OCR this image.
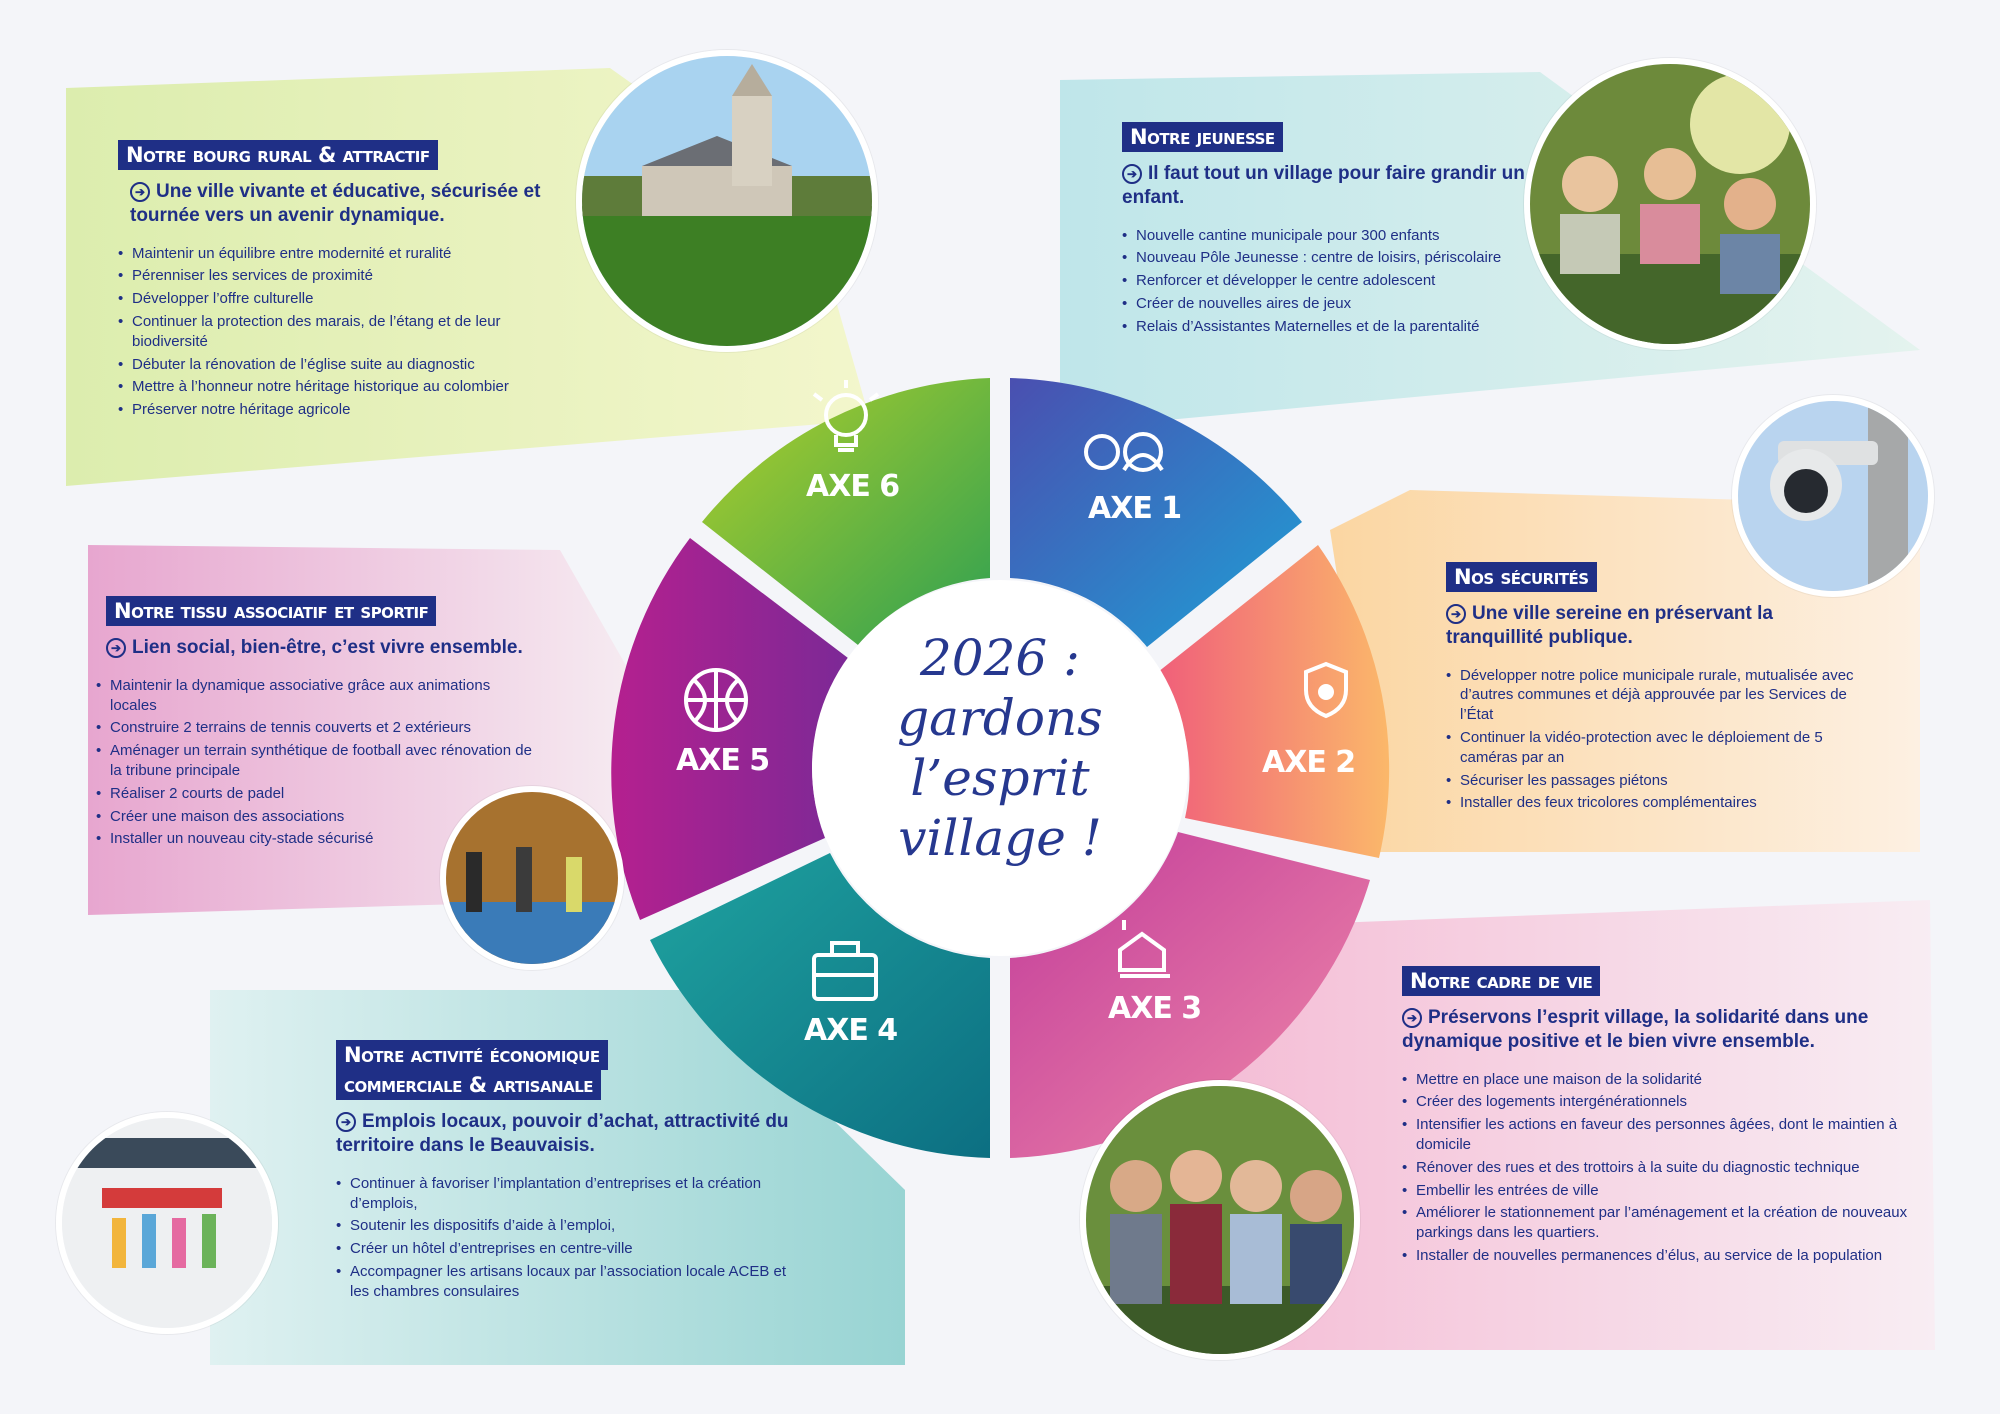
AXE 1
AXE 2
AXE 3
AXE 4
AXE 5
AXE 6
2026 :
gardons l’esprit
village !
Notre bourg rural & attractif
➔ Une ville vivante et éducative, sécurisée et tournée vers un avenir dynamique.
• Maintenir un équilibre entre modernité et ruralité
• Pérenniser les services de proximité
• Développer l’offre culturelle
• Continuer la protection des marais, de l’étang et de leur biodiversité
• Débuter la rénovation de l’église suite au diagnostic
• Mettre à l’honneur notre héritage historique au colombier
• Préserver notre héritage agricole
Notre jeunesse
➔ Il faut tout un village pour faire grandir un enfant.
• Nouvelle cantine municipale pour 300 enfants
• Nouveau Pôle Jeunesse : centre de loisirs, périscolaire
• Renforcer et développer le centre adolescent
• Créer de nouvelles aires de jeux
• Relais d’Assistantes Maternelles et de la parentalité
Nos sécurités
➔ Une ville sereine en préservant la tranquillité publique.
• Développer notre police municipale rurale, mutualisée avec d’autres communes et déjà approuvée par les Services de l’État
• Continuer la vidéo-protection avec le déploiement de 5 caméras par an
• Sécuriser les passages piétons
• Installer des feux tricolores complémentaires
Notre tissu associatif et sportif
➔ Lien social, bien-être, c’est vivre ensemble.
• Maintenir la dynamique associative grâce aux animations locales
• Construire 2 terrains de tennis couverts et 2 extérieurs
• Aménager un terrain synthétique de football avec rénovation de la tribune principale
• Réaliser 2 courts de padel
• Créer une maison des associations
• Installer un nouveau city-stade sécurisé
Notre activité économique
commerciale & artisanale
➔ Emplois locaux, pouvoir d’achat, attractivité du territoire dans le Beauvaisis.
• Continuer à favoriser l’implantation d’entreprises et la création d’emplois,
• Soutenir les dispositifs d’aide à l’emploi,
• Créer un hôtel d’entreprises en centre-ville
• Accompagner les artisans locaux par l’association locale ACEB et les chambres consulaires
Notre cadre de vie
➔ Préservons l’esprit village, la solidarité dans une dynamique positive et le bien vivre ensemble.
• Mettre en place une maison de la solidarité
• Créer des logements intergénérationnels
• Intensifier les actions en faveur des personnes âgées, dont le maintien à domicile
• Rénover des rues et des trottoirs à la suite du diagnostic technique
• Embellir les entrées de ville
• Améliorer le stationnement par l’aménagement et la création de nouveaux parkings dans les quartiers.
• Installer de nouvelles permanences d’élus, au service de la population
